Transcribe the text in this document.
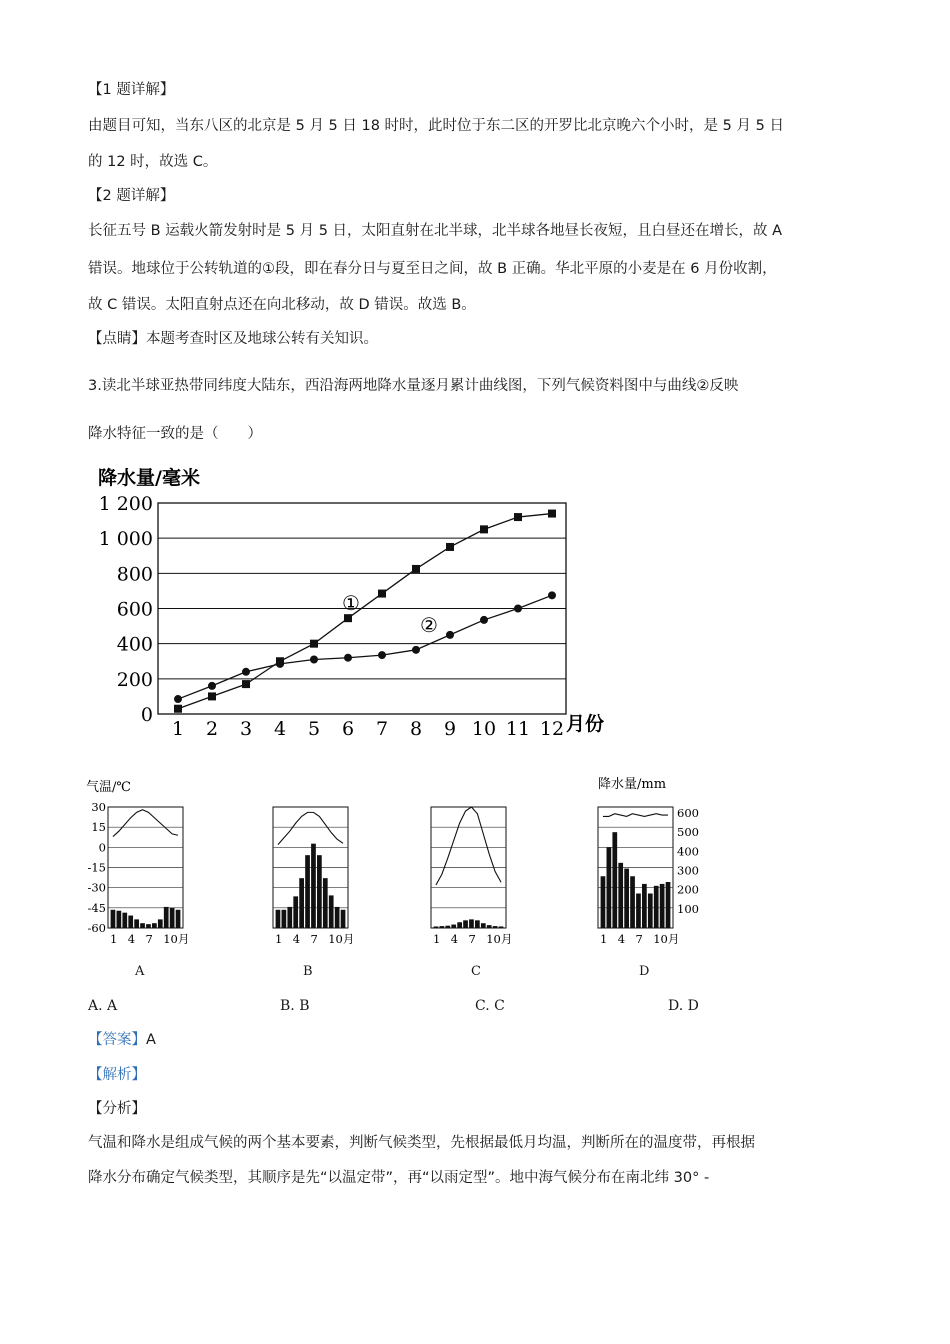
【1 题详解】
由题目可知，当东八区的北京是 5 月 5 日 18 时时，此时位于东二区的开罗比北京晚六个小时，是 5 月 5 日
的 12 时，故选 C。
【2 题详解】
长征五号 B 运载火箭发射时是 5 月 5 日，太阳直射在北半球，北半球各地昼长夜短，且白昼还在增长，故 A
错误。地球位于公转轨道的①段，即在春分日与夏至日之间，故 B 正确。华北平原的小麦是在 6 月份收割，
故 C 错误。太阳直射点还在向北移动，故 D 错误。故选 B。
【点睛】本题考查时区及地球公转有关知识。
3.读北半球亚热带同纬度大陆东，西沿海两地降水量逐月累计曲线图，下列气候资料图中与曲线②反映
降水特征一致的是（　　）
降水量/毫米
0
200
400
600
800
1 000
1 200
1 2 3 4 5 6 7 8 9 10 11 12 月份
①
②
气温/℃	降水量/mm
30
15
0
-15
-30
-45
-60
600
500
400
300
200
100
1 4 7 10月	1 4 7 10月	1 4 7 10月	1 4 7 10月
A	B	C	D
A. A	B. B	C. C	D. D
【答案】A
【解析】
【分析】
气温和降水是组成气候的两个基本要素，判断气候类型，先根据最低月均温，判断所在的温度带，再根据
降水分布确定气候类型，其顺序是先“以温定带”，再“以雨定型”。地中海气候分布在南北纬 30° -
